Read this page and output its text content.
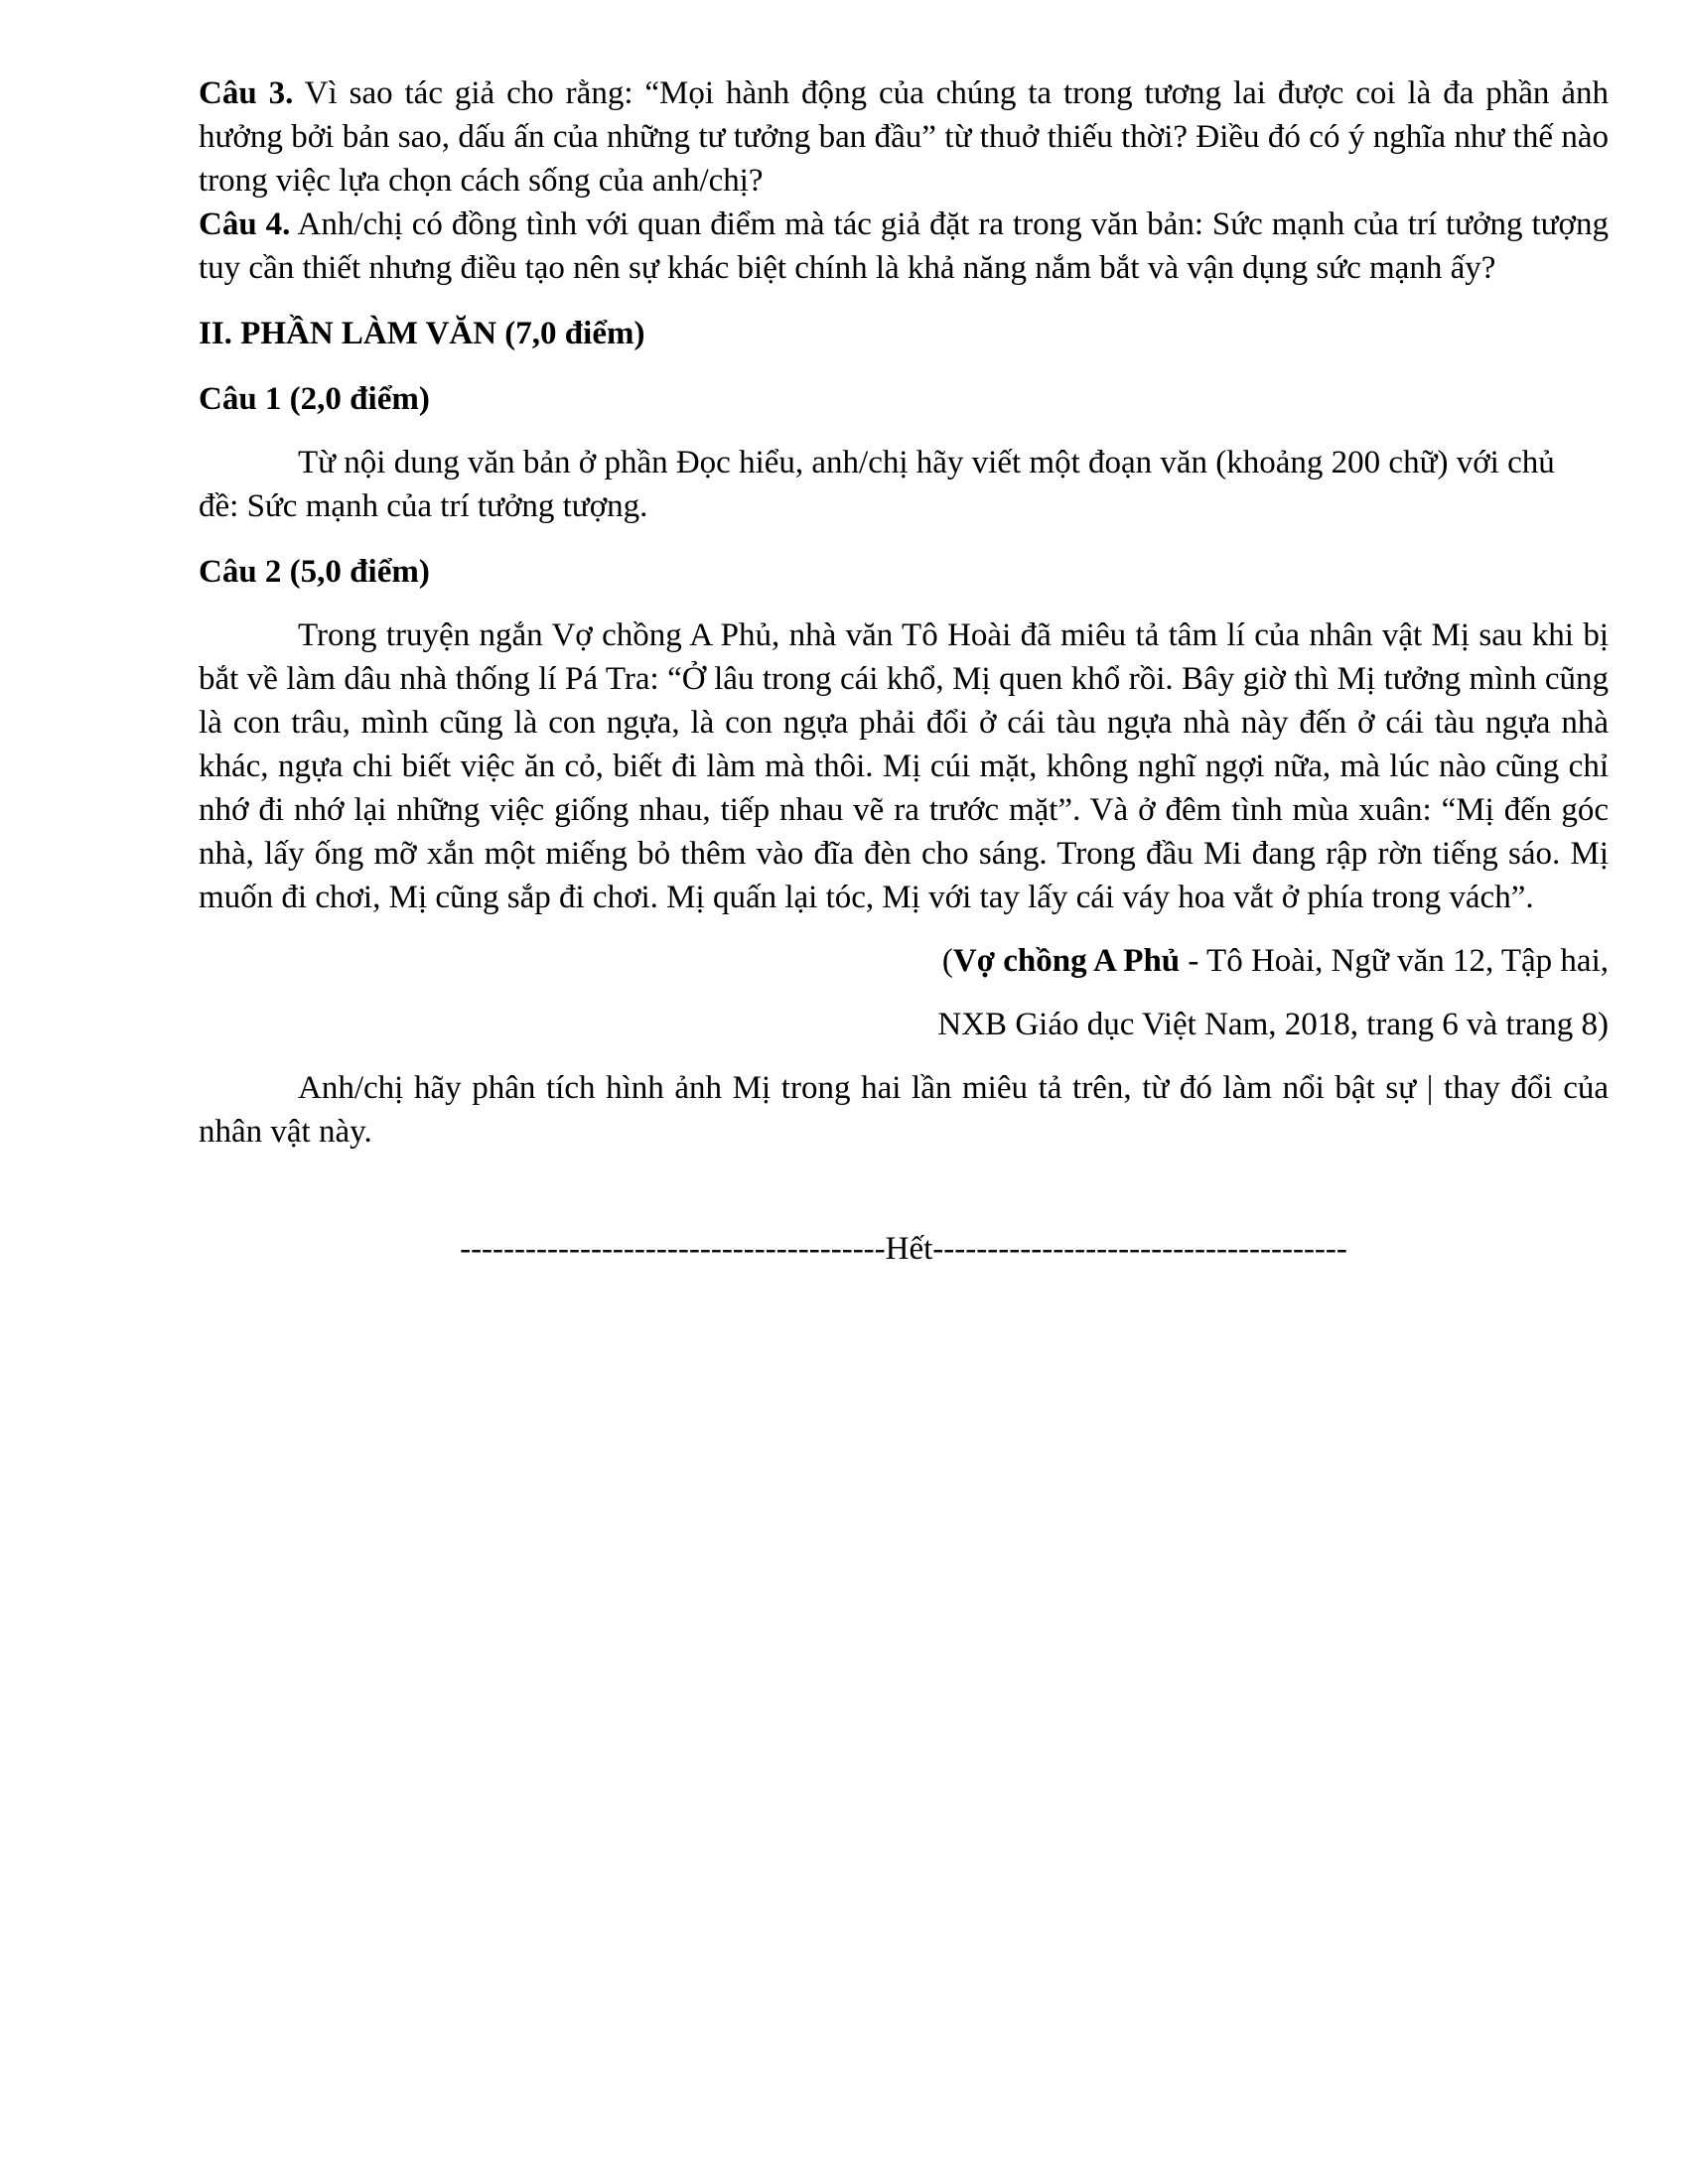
Câu 3. Vì sao tác giả cho rằng: “Mọi hành động của chúng ta trong tương lai được coi là đa phần ảnh hưởng bởi bản sao, dấu ấn của những tư tưởng ban đầu” từ thuở thiếu thời? Điều đó có ý nghĩa như thế nào trong việc lựa chọn cách sống của anh/chị?

Câu 4. Anh/chị có đồng tình với quan điểm mà tác giả đặt ra trong văn bản: Sức mạnh của trí tưởng tượng tuy cần thiết nhưng điều tạo nên sự khác biệt chính là khả năng nắm bắt và vận dụng sức mạnh ấy?

II. PHẦN LÀM VĂN (7,0 điểm)

Câu 1 (2,0 điểm)

Từ nội dung văn bản ở phần Đọc hiểu, anh/chị hãy viết một đoạn văn (khoảng 200 chữ) với chủ

đề: Sức mạnh của trí tưởng tượng.

Câu 2 (5,0 điểm)

Trong truyện ngắn Vợ chồng A Phủ, nhà văn Tô Hoài đã miêu tả tâm lí của nhân vật Mị sau khi bị bắt về làm dâu nhà thống lí Pá Tra: “Ở lâu trong cái khổ, Mị quen khổ rồi. Bây giờ thì Mị tưởng mình cũng là con trâu, mình cũng là con ngựa, là con ngựa phải đổi ở cái tàu ngựa nhà này đến ở cái tàu ngựa nhà khác, ngựa chi biết việc ăn cỏ, biết đi làm mà thôi. Mị cúi mặt, không nghĩ ngợi nữa, mà lúc nào cũng chỉ nhớ đi nhớ lại những việc giống nhau, tiếp nhau vẽ ra trước mặt”. Và ở đêm tình mùa xuân: “Mị đến góc nhà, lấy ống mỡ xắn một miếng bỏ thêm vào đĩa đèn cho sáng. Trong đầu Mi đang rập rờn tiếng sáo. Mị muốn đi chơi, Mị cũng sắp đi chơi. Mị quấn lại tóc, Mị với tay lấy cái váy hoa vắt ở phía trong vách”.

(Vợ chồng A Phủ - Tô Hoài, Ngữ văn 12, Tập hai,

NXB Giáo dục Việt Nam, 2018, trang 6 và trang 8)

Anh/chị hãy phân tích hình ảnh Mị trong hai lần miêu tả trên, từ đó làm nổi bật sự | thay đổi của nhân vật này.

---------------------------------------Hết--------------------------------------
